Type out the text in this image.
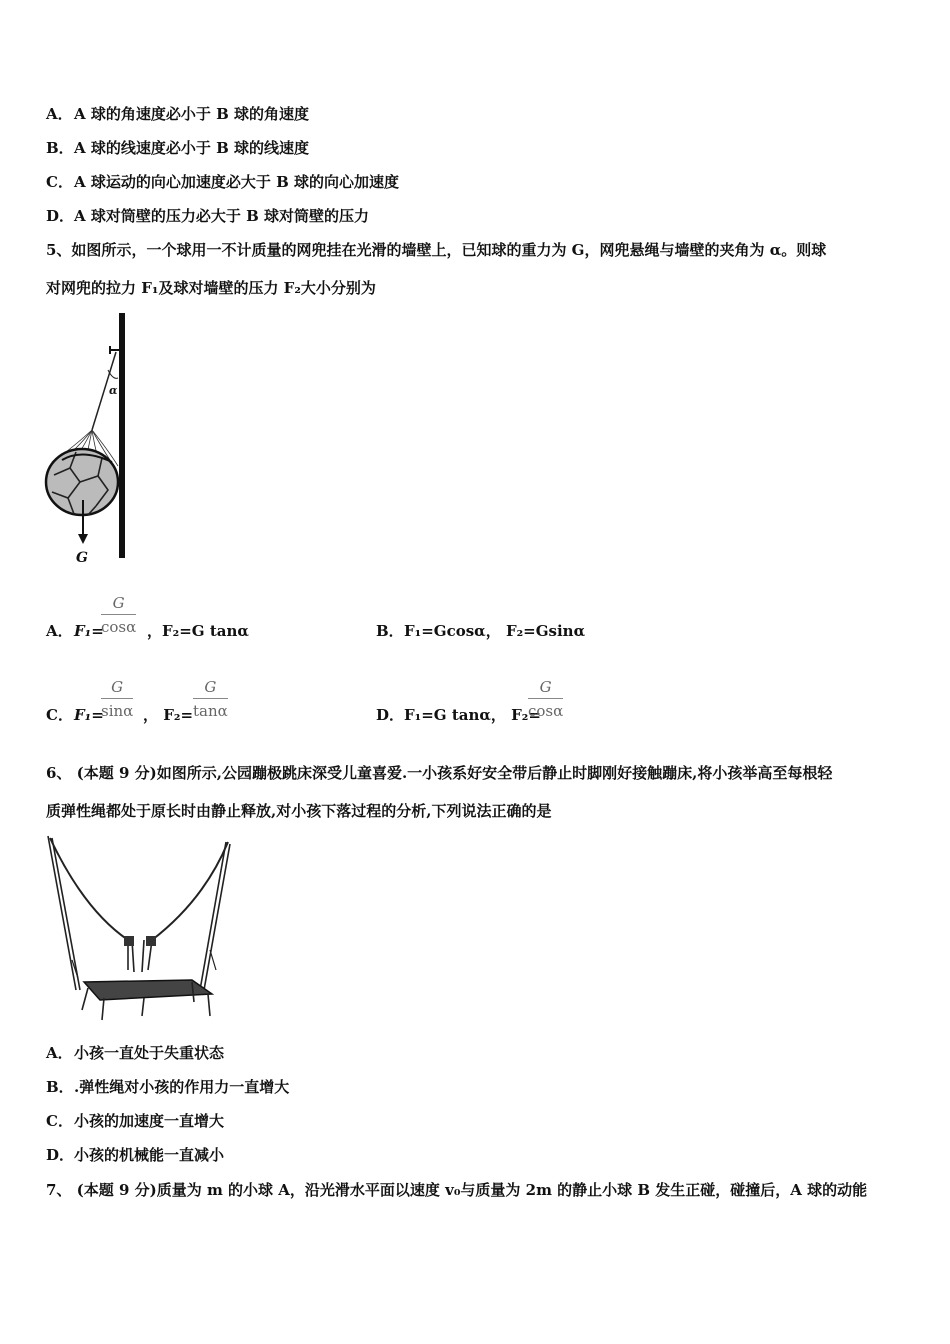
A．A 球的角速度必小于 B 球的角速度
B．A 球的线速度必小于 B 球的线速度
C．A 球运动的向心加速度必大于 B 球的向心加速度
D．A 球对筒壁的压力必大于 B 球对筒壁的压力
5、如图所示，一个球用一不计质量的网兜挂在光滑的墙壁上，已知球的重力为 G，网兜悬绳与墙壁的夹角为 α。则球
对网兜的拉力 F₁及球对墙壁的压力 F₂大小分别为
α
G
A．F₁=
$\frac{G}{\cos\alpha}$ ，F₂=G tanα	B．F₁=Gcosα， F₂=Gsinα
C．F₁=
$\frac{G}{\sin\alpha}$ ， $F_2= \frac{G}{\tan\alpha}$	D．F₁=G tanα， F₂=
$\frac{G}{\cos\alpha}$
6、 (本题 9 分)如图所示,公园蹦极跳床深受儿童喜爱.一小孩系好安全带后静止时脚刚好接触蹦床,将小孩举高至每根轻
质弹性绳都处于原长时由静止释放,对小孩下落过程的分析,下列说法正确的是
A．小孩一直处于失重状态
B．.弹性绳对小孩的作用力一直增大
C．小孩的加速度一直增大
D．小孩的机械能一直减小
7、 (本题 9 分)质量为 m 的小球 A，沿光滑水平面以速度 v₀与质量为 2m 的静止小球 B 发生正碰，碰撞后，A 球的动能
